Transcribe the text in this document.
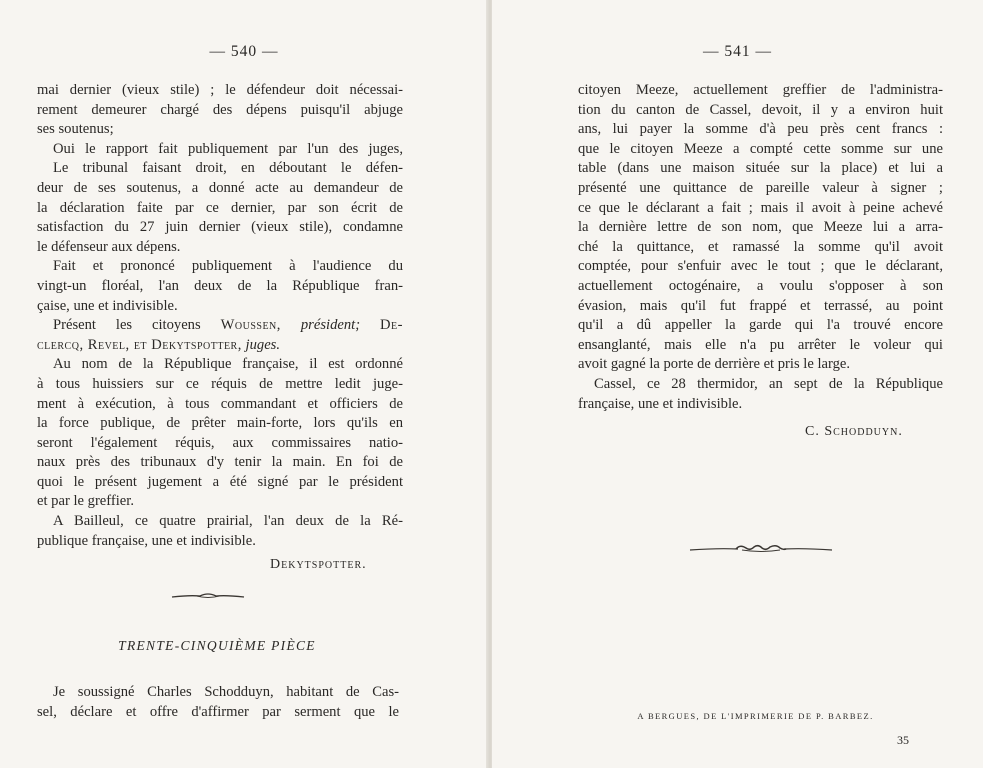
— 540 —
mai dernier (vieux stile) ; le défendeur doit nécessai-
rement demeurer chargé des dépens puisqu'il abjuge
ses soutenus;
Oui le rapport fait publiquement par l'un des juges,
Le tribunal faisant droit, en déboutant le défen-
deur de ses soutenus, a donné acte au demandeur de
la déclaration faite par ce dernier, par son écrit de
satisfaction du 27 juin dernier (vieux stile), condamne
le défenseur aux dépens.
Fait et prononcé publiquement à l'audience du
vingt-un floréal, l'an deux de la République fran-
çaise, une et indivisible.
Présent les citoyens Woussen, président; De-
clercq, Revel, et Dekytspotter, juges.
Au nom de la République française, il est ordonné
à tous huissiers sur ce réquis de mettre ledit juge-
ment à exécution, à tous commandant et officiers de
la force publique, de prêter main-forte, lors qu'ils en
seront l'également réquis, aux commissaires natio-
naux près des tribunaux d'y tenir la main. En foi de
quoi le présent jugement a été signé par le président
et par le greffier.
A Bailleul, ce quatre prairial, l'an deux de la Ré-
publique française, une et indivisible.
Dekytspotter.
TRENTE-CINQUIÈME PIÈCE
Je soussigné Charles Schodduyn, habitant de Cas-
sel, déclare et offre d'affirmer par serment que le
— 541 —
citoyen Meeze, actuellement greffier de l'administra-
tion du canton de Cassel, devoit, il y a environ huit
ans, lui payer la somme d'à peu près cent francs :
que le citoyen Meeze a compté cette somme sur une
table (dans une maison située sur la place) et lui a
présenté une quittance de pareille valeur à signer ;
ce que le déclarant a fait ; mais il avoit à peine achevé
la dernière lettre de son nom, que Meeze lui a arra-
ché la quittance, et ramassé la somme qu'il avoit
comptée, pour s'enfuir avec le tout ; que le déclarant,
actuellement octogénaire, a voulu s'opposer à son
évasion, mais qu'il fut frappé et terrassé, au point
qu'il a dû appeller la garde qui l'a trouvé encore
ensanglanté, mais elle n'a pu arrêter le voleur qui
avoit gagné la porte de derrière et pris le large.
Cassel, ce 28 thermidor, an sept de la République
française, une et indivisible.
C. Schodduyn.
A BERGUES, DE L'IMPRIMERIE DE P. BARBEZ.
35
